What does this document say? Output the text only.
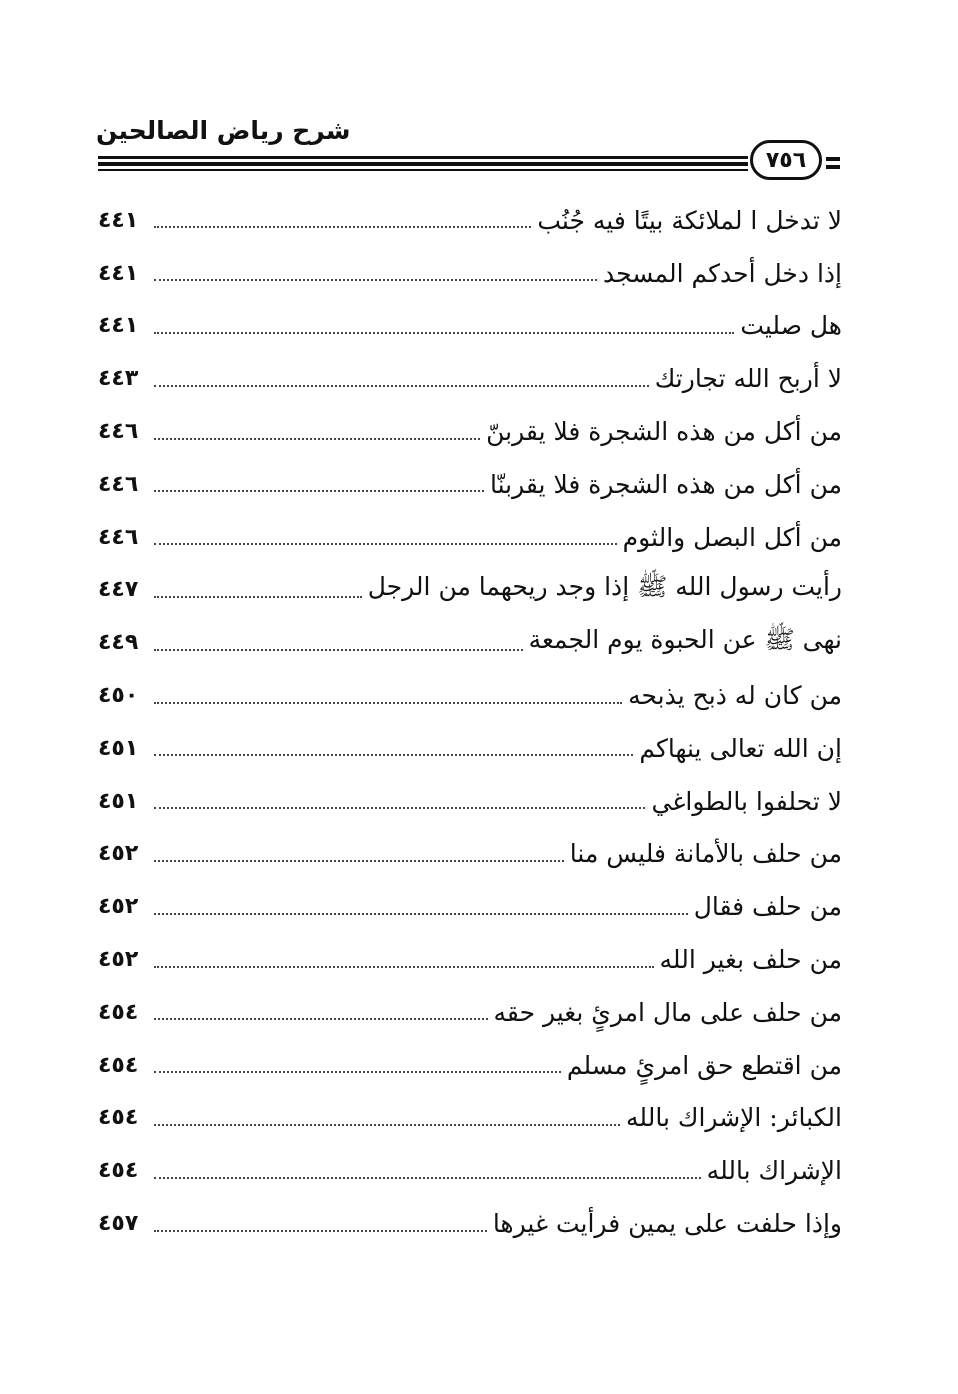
شرح رياض الصالحين
٧٥٦
لا تدخل ا لملائكة بيتًا فيه جُنُب
٤٤١
إذا دخل أحدكم المسجد
٤٤١
هل صليت
٤٤١
لا أربح الله تجارتك
٤٤٣
من أكل من هذه الشجرة فلا يقربنّ
٤٤٦
من أكل من هذه الشجرة فلا يقربنّا
٤٤٦
من أكل البصل والثوم
٤٤٦
رأيت رسول الله ﷺ إذا وجد ريحهما من الرجل
٤٤٧
نهى ﷺ عن الحبوة يوم الجمعة
٤٤٩
من كان له ذبح يذبحه
٤٥٠
إن الله تعالى ينهاكم
٤٥١
لا تحلفوا بالطواغي
٤٥١
من حلف بالأمانة فليس منا
٤٥٢
من حلف فقال
٤٥٢
من حلف بغير الله
٤٥٢
من حلف على مال امرئٍ بغير حقه
٤٥٤
من اقتطع حق امرئٍ مسلم
٤٥٤
الكبائر: الإشراك بالله
٤٥٤
الإشراك بالله
٤٥٤
وإذا حلفت على يمين فرأيت غيرها
٤٥٧
